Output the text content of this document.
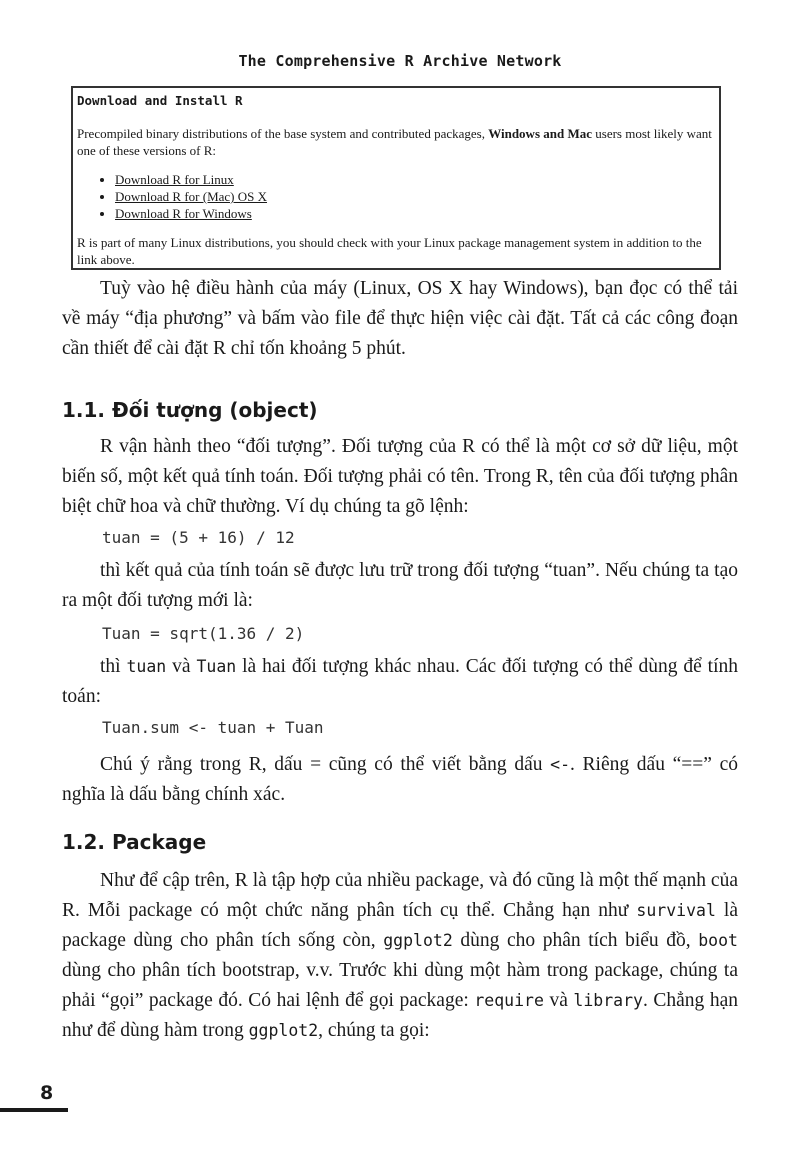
The Comprehensive R Archive Network
Download and Install R

Precompiled binary distributions of the base system and contributed packages, Windows and Mac users most likely want one of these versions of R:

• Download R for Linux
• Download R for (Mac) OS X
• Download R for Windows

R is part of many Linux distributions, you should check with your Linux package management system in addition to the link above.

Tuỳ vào hệ điều hành của máy (Linux, OS X hay Windows), bạn đọc có thể tải về máy “địa phương” và bấm vào file để thực hiện việc cài đặt. Tất cả các công đoạn cần thiết để cài đặt R chỉ tốn khoảng 5 phút.

1.1. Đối tượng (object)

R vận hành theo “đối tượng”. Đối tượng của R có thể là một cơ sở dữ liệu, một biến số, một kết quả tính toán. Đối tượng phải có tên. Trong R, tên của đối tượng phân biệt chữ hoa và chữ thường. Ví dụ chúng ta gõ lệnh:

tuan = (5 + 16) / 12

thì kết quả của tính toán sẽ được lưu trữ trong đối tượng “tuan”. Nếu chúng ta tạo ra một đối tượng mới là:

Tuan = sqrt(1.36 / 2)

thì tuan và Tuan là hai đối tượng khác nhau. Các đối tượng có thể dùng để tính toán:

Tuan.sum <- tuan + Tuan

Chú ý rằng trong R, dấu = cũng có thể viết bằng dấu <-. Riêng dấu “==” có nghĩa là dấu bằng chính xác.

1.2. Package

Như để cập trên, R là tập hợp của nhiều package, và đó cũng là một thế mạnh của R. Mỗi package có một chức năng phân tích cụ thể. Chẳng hạn như survival là package dùng cho phân tích sống còn, ggplot2 dùng cho phân tích biểu đồ, boot dùng cho phân tích bootstrap, v.v. Trước khi dùng một hàm trong package, chúng ta phải “gọi” package đó. Có hai lệnh để gọi package: require và library. Chẳng hạn như để dùng hàm trong ggplot2, chúng ta gọi:

8
